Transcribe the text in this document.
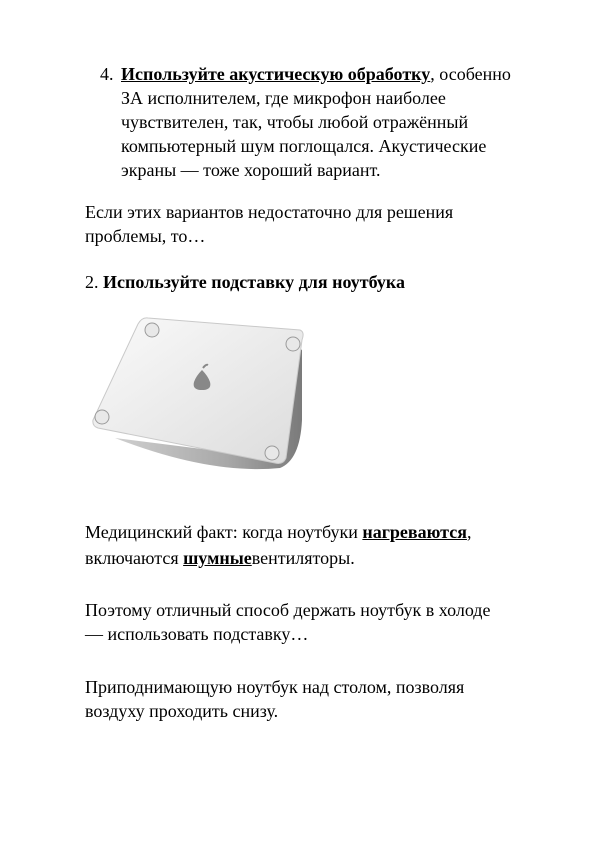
4. Используйте акустическую обработку, особенно
ЗА исполнителем, где микрофон наиболее
чувствителен, так, чтобы любой отражённый
компьютерный шум поглощался. Акустические
экраны — тоже хороший вариант.
Если этих вариантов недостаточно для решения
проблемы, то…
2. Используйте подставку для ноутбука
Медицинский факт: когда ноутбуки нагреваются,
включаются шумныевентиляторы.
Поэтому отличный способ держать ноутбук в холоде
— использовать подставку…
Приподнимающую ноутбук над столом, позволяя
воздуху проходить снизу.
